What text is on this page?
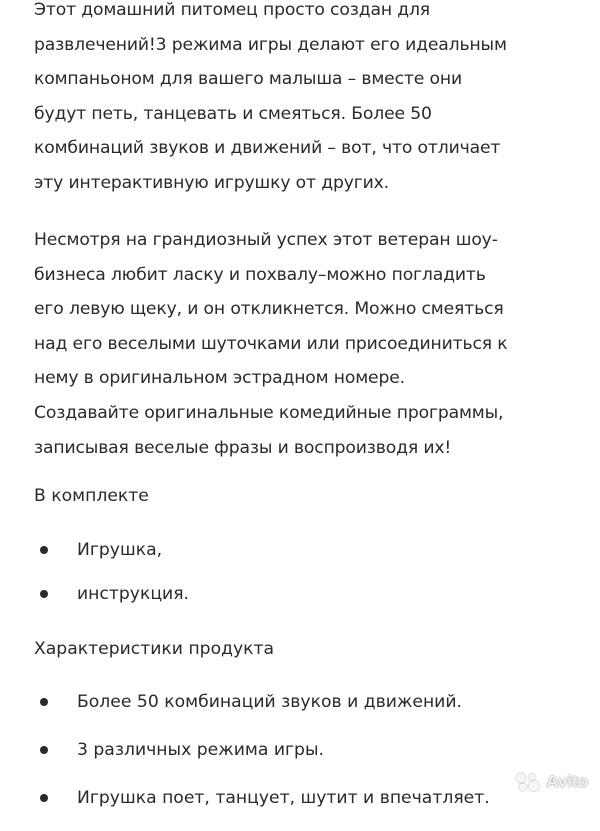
Этот домашний питомец просто создан для
развлечений!3 режима игры делают его идеальным
компаньоном для вашего малыша – вместе они
будут петь, танцевать и смеяться. Более 50
комбинаций звуков и движений – вот, что отличает
эту интерактивную игрушку от других.

Несмотря на грандиозный успех этот ветеран шоу-
бизнеса любит ласку и похвалу–можно погладить
его левую щеку, и он откликнется. Можно смеяться
над его веселыми шуточками или присоединиться к
нему в оригинальном эстрадном номере.
Создавайте оригинальные комедийные программы,
записывая веселые фразы и воспроизводя их!

В комплекте

Игрушка,
инструкция.

Характеристики продукта

Более 50 комбинаций звуков и движений.
3 различных режима игры.
Игрушка поет, танцует, шутит и впечатляет.
Avito
